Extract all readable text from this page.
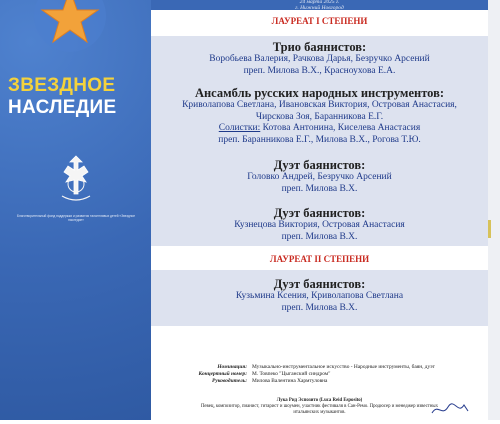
ЗВЕЗДНОЕ
НАСЛЕДИЕ
Благотворительный фонд поддержки и развития талантливых детей «Звездное наследие»
24 марта 2025 г.
г. Нижний Новгород
ЛАУРЕАТ I СТЕПЕНИ
Трио баянистов:
Воробьева Валерия, Рачкова Дарья, Безручко Арсений
преп. Милова В.Х., Красноухова Е.А.
Ансамбль русских народных инструментов:
Криволапова Светлана, Ивановская Виктория, Островая Анастасия,
Чирскова Зоя, Баранникова Е.Г.
Солистки: Котова Антонина, Киселева Анастасия
преп. Баранникова Е.Г., Милова В.Х., Рогова Т.Ю.
Дуэт баянистов:
Головко Андрей, Безручко Арсений
преп. Милова В.Х.
Дуэт баянистов:
Кузнецова Виктория, Островая Анастасия
преп. Милова В.Х.
ЛАУРЕАТ II СТЕПЕНИ
Дуэт баянистов:
Кузьмина Ксения, Криволапова Светлана
преп. Милова В.Х.
Номинация: Музыкально-инструментальное искусство - Народные инструменты, баян, дуэт
Концертный номер: М. Товпеко "Цыганский синдром"
Руководитель: Милова Валентина Хармтуловна
Лука Рид Эспозито (Luca Reid Esposito)
Певец, композитор, пианист, гитарист и шоумен, участник фестиваля в Сан-Ремо. Продюсер и менеджер известных итальянских музыкантов.
